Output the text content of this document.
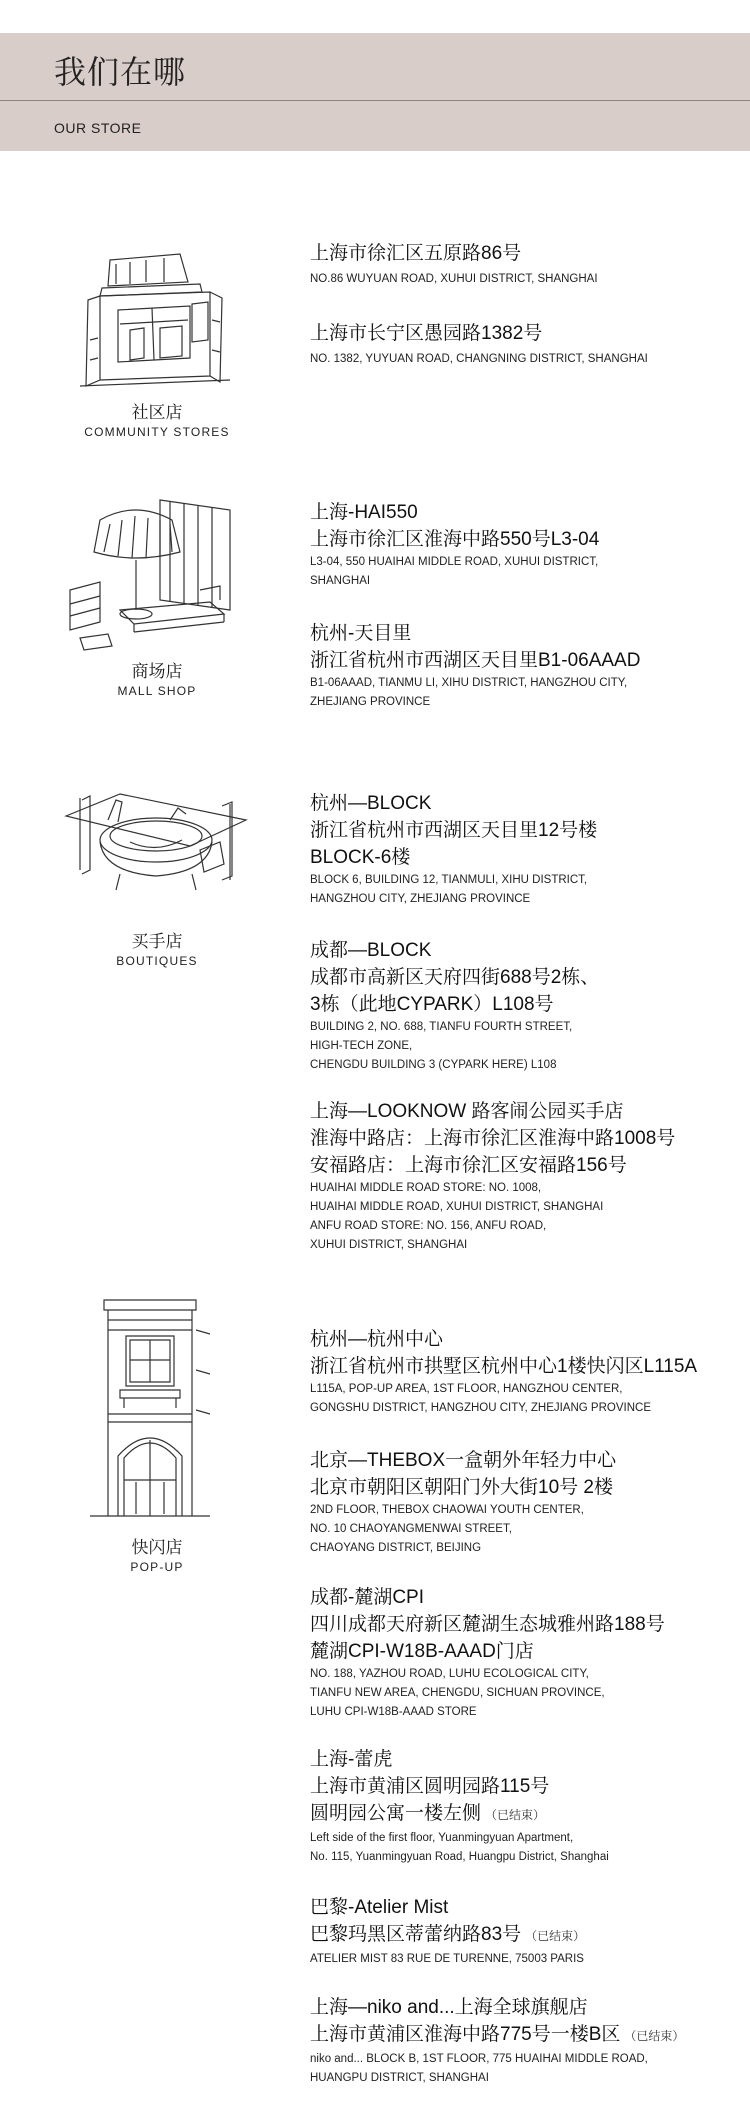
我们在哪
OUR STORE
社区店
COMMUNITY STORES
上海市徐汇区五原路86号
NO.86 WUYUAN ROAD, XUHUI DISTRICT, SHANGHAI
上海市长宁区愚园路1382号
NO. 1382, YUYUAN ROAD, CHANGNING DISTRICT, SHANGHAI
商场店
MALL SHOP
上海-HAI550
上海市徐汇区淮海中路550号L3-04
L3-04, 550 HUAIHAI MIDDLE ROAD, XUHUI DISTRICT,
SHANGHAI
杭州-天目里
浙江省杭州市西湖区天目里B1-06AAAD
B1-06AAAD, TIANMU LI, XIHU DISTRICT, HANGZHOU CITY,
ZHEJIANG PROVINCE
买手店
BOUTIQUES
杭州—BLOCK
浙江省杭州市西湖区天目里12号楼
BLOCK-6楼
BLOCK 6, BUILDING 12, TIANMULI, XIHU DISTRICT,
HANGZHOU CITY, ZHEJIANG PROVINCE
成都—BLOCK
成都市高新区天府四街688号2栋、
3栋（此地CYPARK）L108号
BUILDING 2, NO. 688, TIANFU FOURTH STREET,
HIGH-TECH ZONE,
CHENGDU BUILDING 3 (CYPARK HERE) L108
上海—LOOKNOW 路客闹公园买手店
淮海中路店：上海市徐汇区淮海中路1008号
安福路店：上海市徐汇区安福路156号
HUAIHAI MIDDLE ROAD STORE: NO. 1008,
HUAIHAI MIDDLE ROAD, XUHUI DISTRICT, SHANGHAI
ANFU ROAD STORE: NO. 156, ANFU ROAD,
XUHUI DISTRICT, SHANGHAI
快闪店
POP-UP
杭州—杭州中心
浙江省杭州市拱墅区杭州中心1楼快闪区L115A
L115A, POP-UP AREA, 1ST FLOOR, HANGZHOU CENTER,
GONGSHU DISTRICT, HANGZHOU CITY, ZHEJIANG PROVINCE
北京—THEBOX一盒朝外年轻力中心
北京市朝阳区朝阳门外大街10号 2楼
2ND FLOOR, THEBOX CHAOWAI YOUTH CENTER,
NO. 10 CHAOYANGMENWAI STREET,
CHAOYANG DISTRICT, BEIJING
成都-麓湖CPI
四川成都天府新区麓湖生态城雅州路188号
麓湖CPI-W18B-AAAD门店
NO. 188, YAZHOU ROAD, LUHU ECOLOGICAL CITY,
TIANFU NEW AREA, CHENGDU, SICHUAN PROVINCE,
LUHU CPI-W18B-AAAD STORE
上海-蕾虎
上海市黄浦区圆明园路115号
圆明园公寓一楼左侧 （已结束）
Left side of the first floor, Yuanmingyuan Apartment,
No. 115, Yuanmingyuan Road, Huangpu District, Shanghai
巴黎-Atelier Mist
巴黎玛黑区蒂蕾纳路83号 （已结束）
ATELIER MIST 83 RUE DE TURENNE, 75003 PARIS
上海—niko and...上海全球旗舰店
上海市黄浦区淮海中路775号一楼B区 （已结束）
niko and... BLOCK B, 1ST FLOOR, 775 HUAIHAI MIDDLE ROAD,
HUANGPU DISTRICT, SHANGHAI
